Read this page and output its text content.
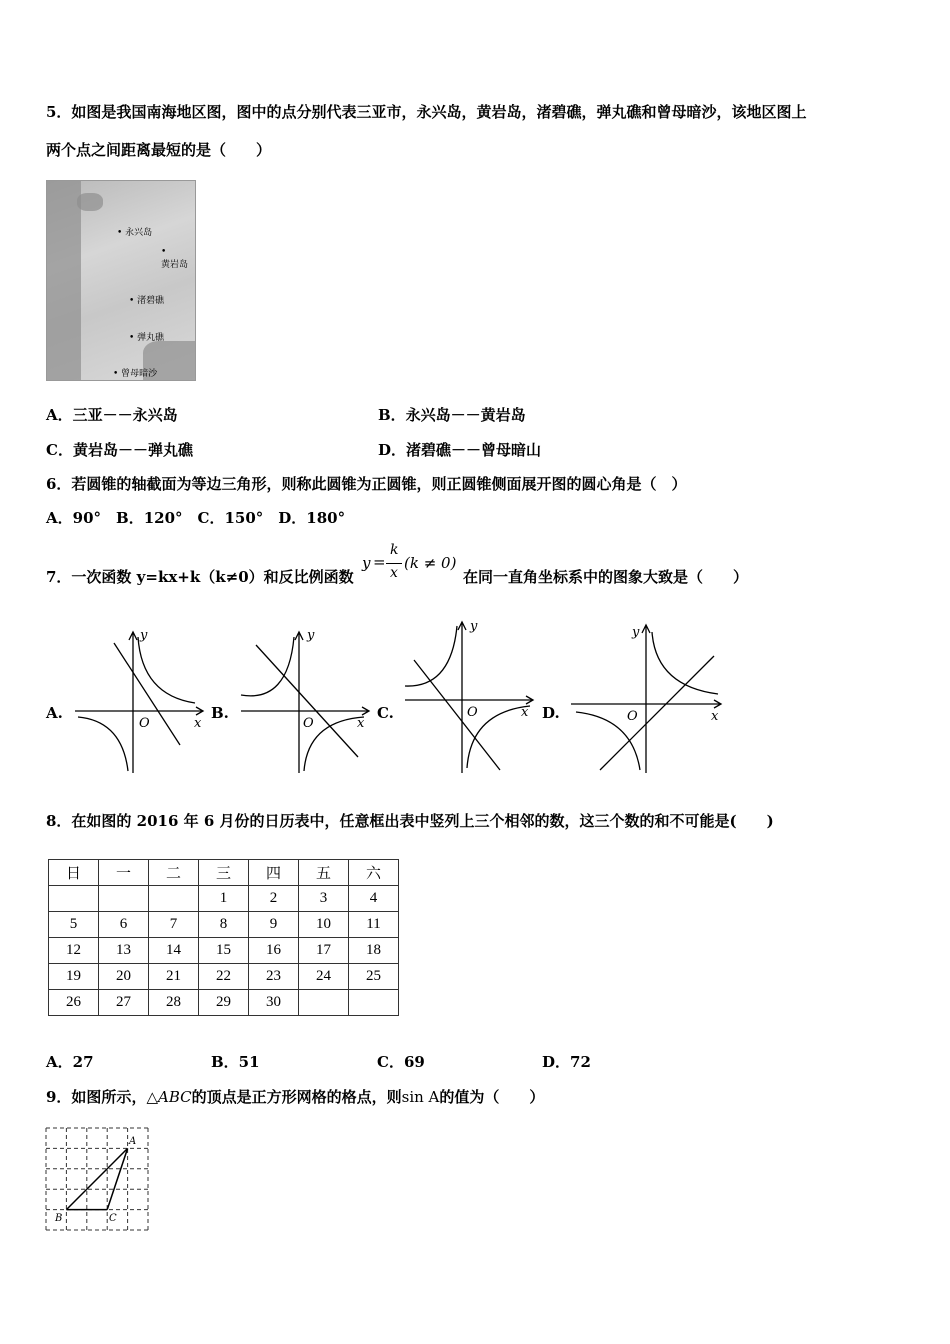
5．如图是我国南海地区图，图中的点分别代表三亚市，永兴岛，黄岩岛，渚碧礁，弹丸礁和曾母暗沙，该地区图上
两个点之间距离最短的是（　　）
• 永兴岛
•
黄岩岛
• 渚碧礁
• 弹丸礁
• 曾母暗沙
A．三亚－－永兴岛	B．永兴岛－－黄岩岛
C．黄岩岛－－弹丸礁	D．渚碧礁－－曾母暗山
6．若圆锥的轴截面为等边三角形，则称此圆锥为正圆锥，则正圆锥侧面展开图的圆心角是（　）
A．90°　B．120°　C．150°　D．180°
7．一次函数 y=kx+k（k≠0）和反比例函数
y =
k
x
(k ≠ 0)
在同一直角坐标系中的图象大致是（　　）
A.	B.	C.	D.
O	x
y
O	x
y
O	x
y
O	x
y
8．在如图的 2016 年 6 月份的日历表中，任意框出表中竖列上三个相邻的数，这三个数的和不可能是(　　)
日	一	二	三	四	五	六
			1	2	3	4
5	6	7	8	9	10	11
12	13	14	15	16	17	18
19	20	21	22	23	24	25
26	27	28	29	30		
A．27	B．51	C．69	D．72
9．如图所示，△ABC的顶点是正方形网格的格点，则sin A的值为（　　）
A
B	C
